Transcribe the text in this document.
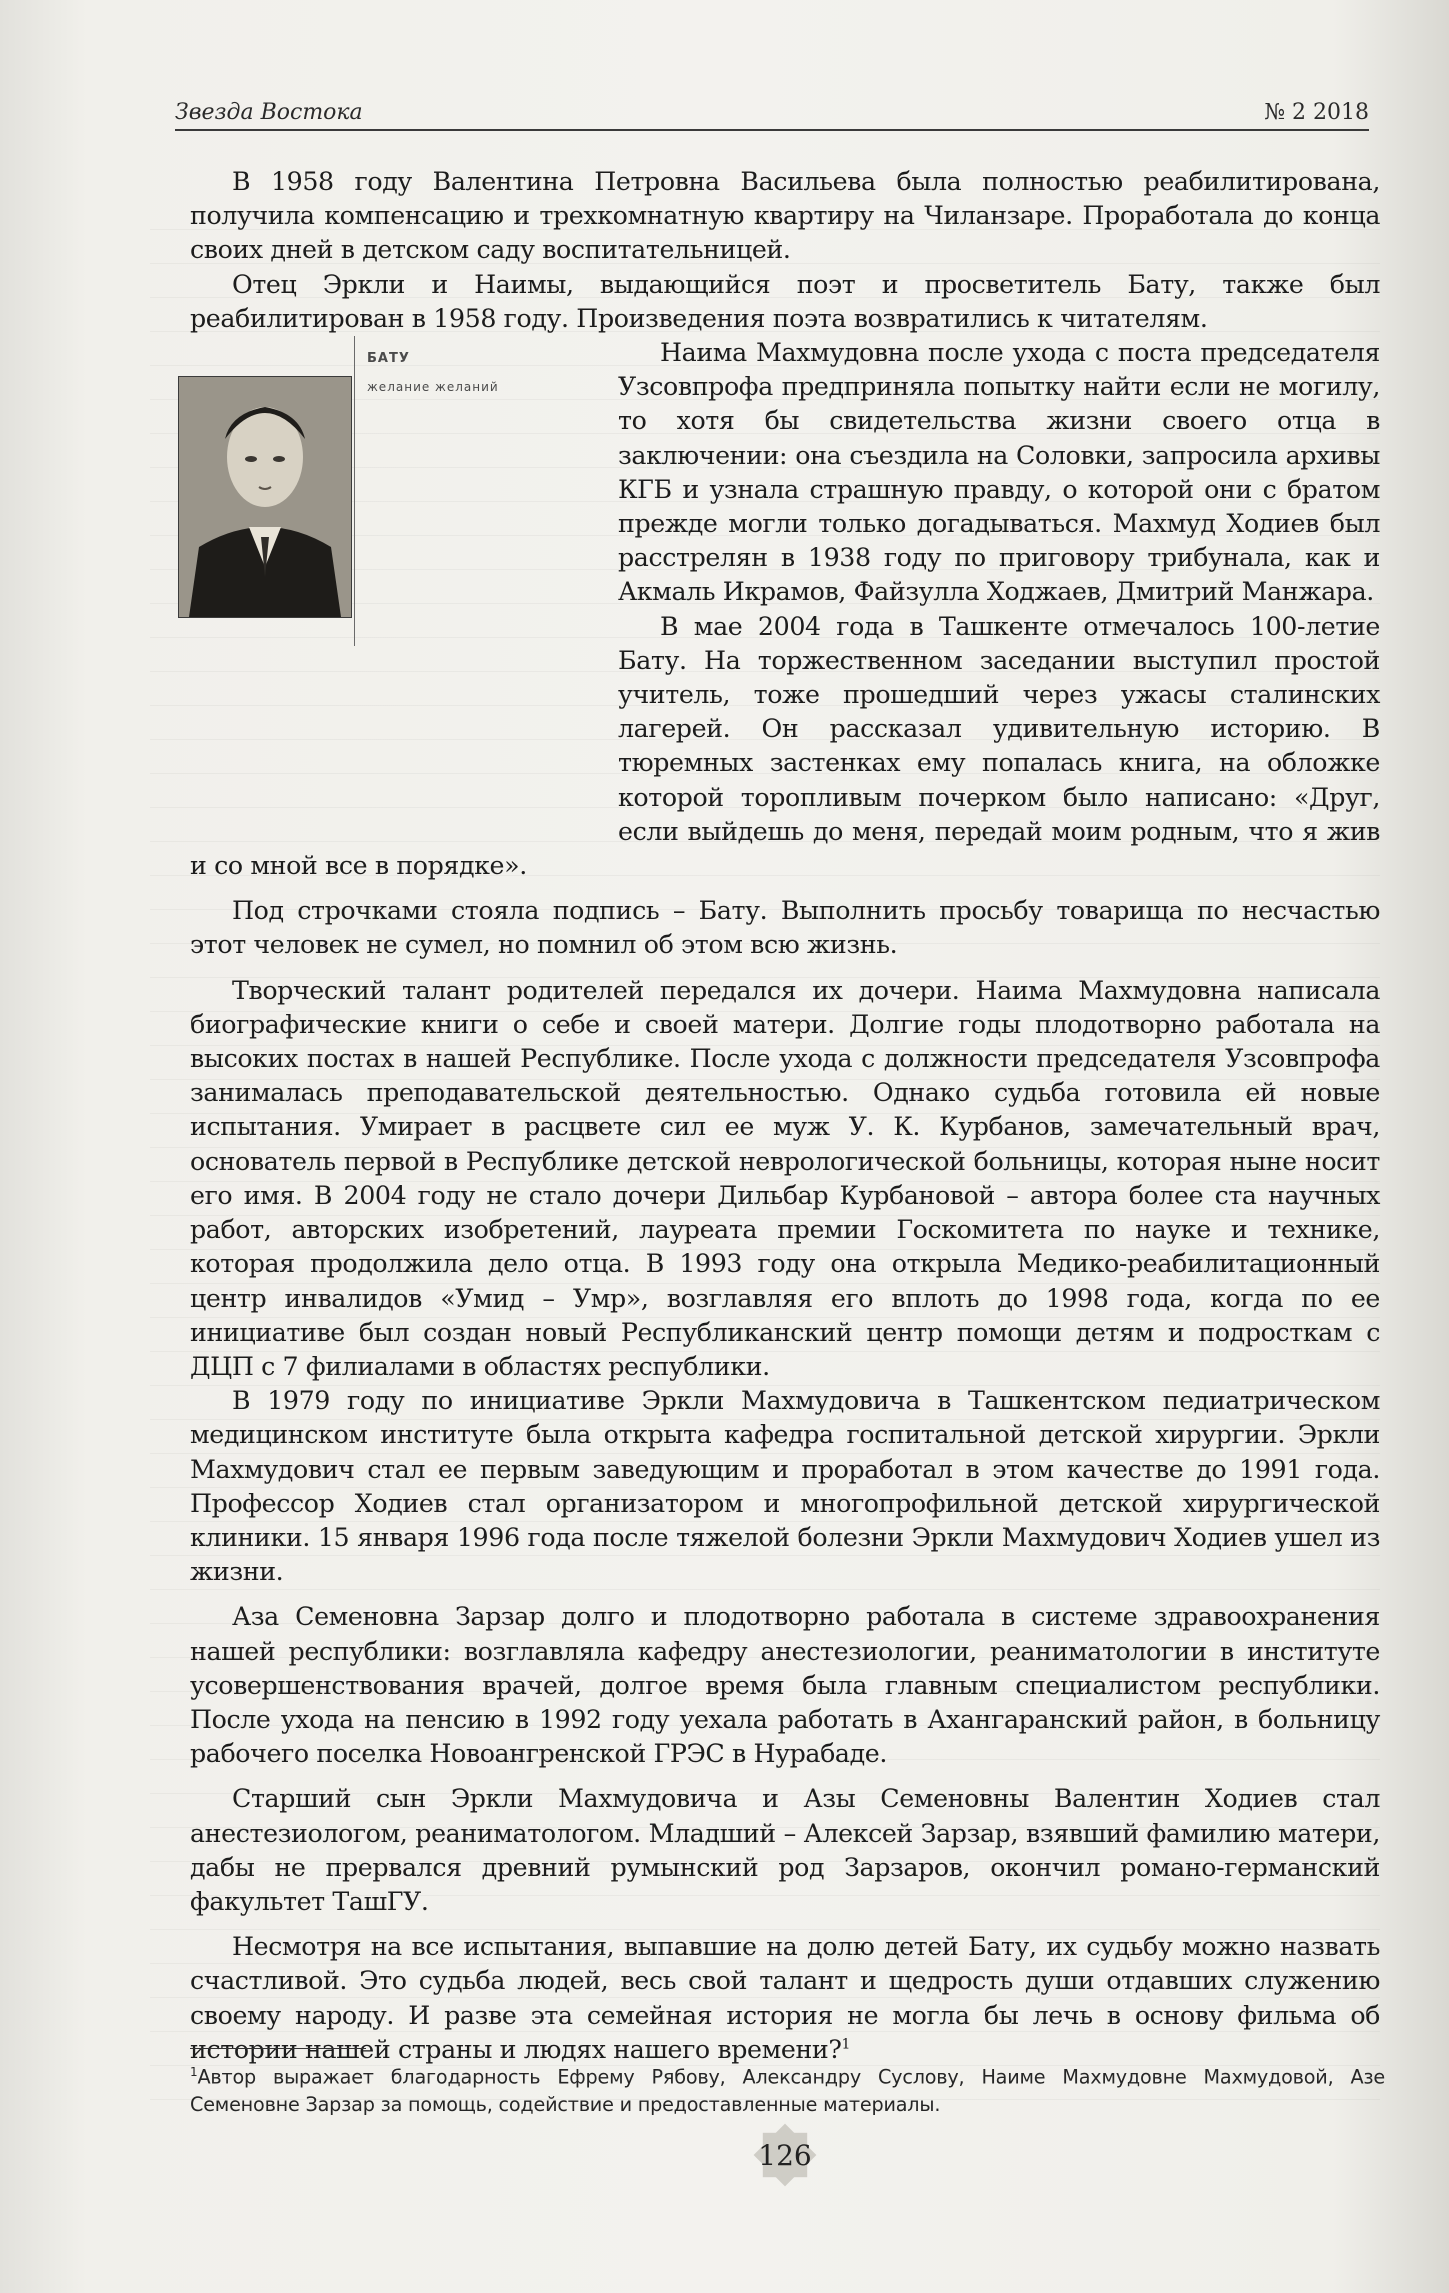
Звезда Востока	№ 2 2018

В 1958 году Валентина Петровна Васильева была полностью реабилитирована, получила компенсацию и трехкомнатную квартиру на Чиланзаре. Проработала до конца своих дней в детском саду воспитательницей.

Отец Эркли и Наимы, выдающийся поэт и просветитель Бату, также был реабилитирован в 1958 году. Произведения поэта возвратились к читателям.

БАТУ
желание желаний

Наима Махмудовна после ухода с поста председателя Узсовпрофа предприняла попытку найти если не могилу, то хотя бы свидетельства жизни своего отца в заключении: она съездила на Соловки, запросила архивы КГБ и узнала страшную правду, о которой они с братом прежде могли только догадываться. Махмуд Ходиев был расстрелян в 1938 году по приговору трибунала, как и Акмаль Икрамов, Файзулла Ходжаев, Дмитрий Манжара.

В мае 2004 года в Ташкенте отмечалось 100-летие Бату. На торжественном заседании выступил простой учитель, тоже прошедший через ужасы сталинских лагерей. Он рассказал удивительную историю. В тюремных застенках ему попалась книга, на обложке которой торопливым почерком было написано: «Друг, если выйдешь до меня, передай моим родным, что я жив и со мной все в порядке».

Под строчками стояла подпись – Бату. Выполнить просьбу товарища по несчастью этот человек не сумел, но помнил об этом всю жизнь.

Творческий талант родителей передался их дочери. Наима Махмудовна написала биографические книги о себе и своей матери. Долгие годы плодотворно работала на высоких постах в нашей Республике. После ухода с должности председателя Узсовпрофа занималась преподавательской деятельностью. Однако судьба готовила ей новые испытания. Умирает в расцвете сил ее муж У. К. Курбанов, замечательный врач, основатель первой в Республике детской неврологической больницы, которая ныне носит его имя. В 2004 году не стало дочери Дильбар Курбановой – автора более ста научных работ, авторских изобретений, лауреата премии Госкомитета по науке и технике, которая продолжила дело отца. В 1993 году она открыла Медико-реабилитационный центр инвалидов «Умид – Умр», возглавляя его вплоть до 1998 года, когда по ее инициативе был создан новый Республиканский центр помощи детям и подросткам с ДЦП с 7 филиалами в областях республики.

В 1979 году по инициативе Эркли Махмудовича в Ташкентском педиатрическом медицинском институте была открыта кафедра госпитальной детской хирургии. Эркли Махмудович стал ее первым заведующим и проработал в этом качестве до 1991 года. Профессор Ходиев стал организатором и многопрофильной детской хирургической клиники. 15 января 1996 года после тяжелой болезни Эркли Махмудович Ходиев ушел из жизни.

Аза Семеновна Зарзар долго и плодотворно работала в системе здравоохранения нашей республики: возглавляла кафедру анестезиологии, реаниматологии в институте усовершенствования врачей, долгое время была главным специалистом республики. После ухода на пенсию в 1992 году уехала работать в Ахангаранский район, в больницу рабочего поселка Новоангренской ГРЭС в Нурабаде.

Старший сын Эркли Махмудовича и Азы Семеновны Валентин Ходиев стал анестезиологом, реаниматологом. Младший – Алексей Зарзар, взявший фамилию матери, дабы не прервался древний румынский род Зарзаров, окончил романо-германский факультет ТашГУ.

Несмотря на все испытания, выпавшие на долю детей Бату, их судьбу можно назвать счастливой. Это судьба людей, весь свой талант и щедрость души отдавших служению своему народу. И разве эта семейная история не могла бы лечь в основу фильма об истории нашей страны и людях нашего времени?$^1$

$^1$Автор выражает благодарность Ефрему Рябову, Александру Суслову, Наиме Махмудовне Махмудовой, Азе Семеновне Зарзар за помощь, содействие и предоставленные материалы.
126
